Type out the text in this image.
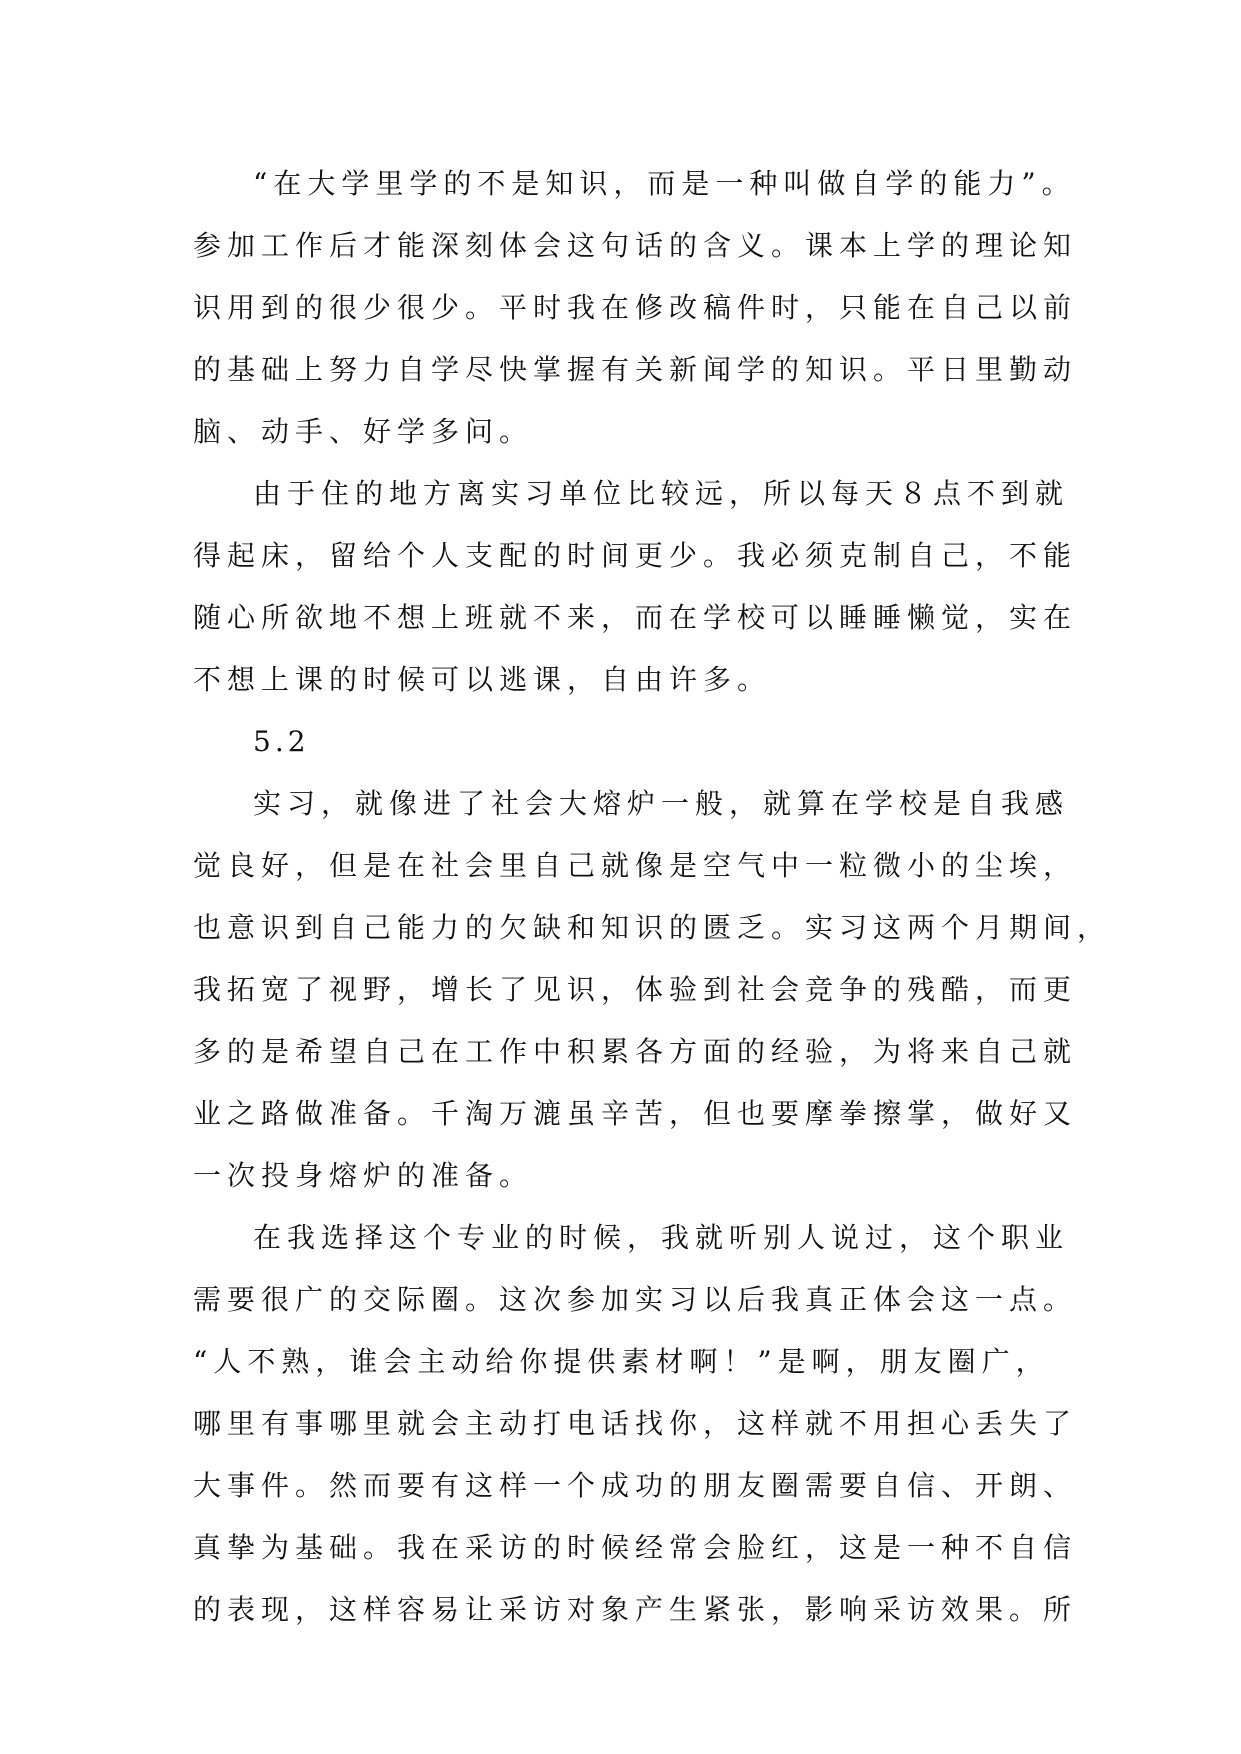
“在大学里学的不是知识，而是一种叫做自学的能力”。
参加工作后才能深刻体会这句话的含义。课本上学的理论知
识用到的很少很少。平时我在修改稿件时，只能在自己以前
的基础上努力自学尽快掌握有关新闻学的知识。平日里勤动
脑、动手、好学多问。
由于住的地方离实习单位比较远，所以每天８点不到就
得起床，留给个人支配的时间更少。我必须克制自己，不能
随心所欲地不想上班就不来，而在学校可以睡睡懒觉，实在
不想上课的时候可以逃课，自由许多。
5.2
实习，就像进了社会大熔炉一般，就算在学校是自我感
觉良好，但是在社会里自己就像是空气中一粒微小的尘埃，
也意识到自己能力的欠缺和知识的匮乏。实习这两个月期间，
我拓宽了视野，增长了见识，体验到社会竞争的残酷，而更
多的是希望自己在工作中积累各方面的经验，为将来自己就
业之路做准备。千淘万漉虽辛苦，但也要摩拳擦掌，做好又
一次投身熔炉的准备。
在我选择这个专业的时候，我就听别人说过，这个职业
需要很广的交际圈。这次参加实习以后我真正体会这一点。
“人不熟，谁会主动给你提供素材啊！”是啊，朋友圈广，
哪里有事哪里就会主动打电话找你，这样就不用担心丢失了
大事件。然而要有这样一个成功的朋友圈需要自信、开朗、
真挚为基础。我在采访的时候经常会脸红，这是一种不自信
的表现，这样容易让采访对象产生紧张，影响采访效果。所
